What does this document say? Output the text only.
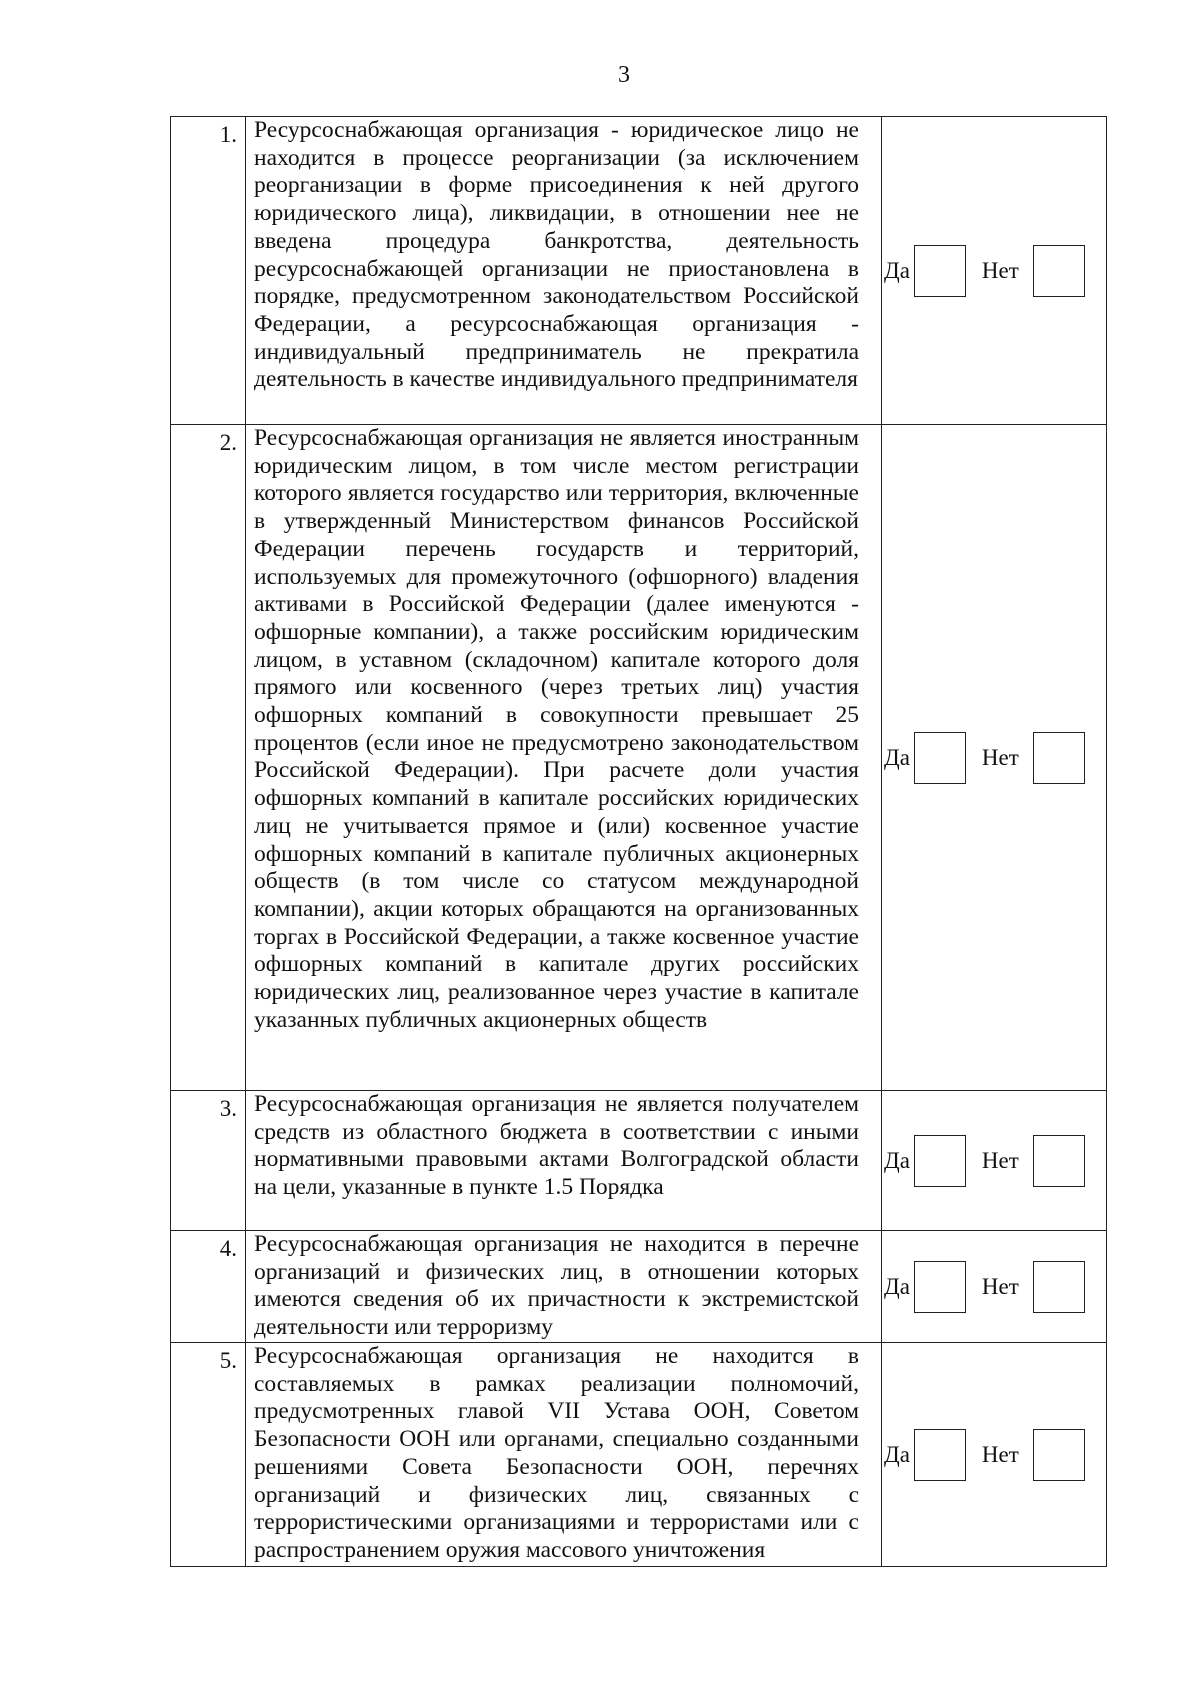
3
1.	Ресурсоснабжающая организация - юридическое лицо не находится в процессе реорганизации (за исключением реорганизации в форме присоединения к ней другого юридического лица), ликвидации, в отношении нее не введена процедура банкротства, деятельность ресурсоснабжающей организации не приостановлена в порядке, предусмотренном законодательством Российской Федерации, а ресурсоснабжающая организация - индивидуальный предприниматель не прекратила деятельность в качестве индивидуального предпринимателя	Да Нет

2.	Ресурсоснабжающая организация не является иностранным юридическим лицом, в том числе местом регистрации которого является государство или территория, включенные в утвержденный Министерством финансов Российской Федерации перечень государств и территорий, используемых для промежуточного (офшорного) владения активами в Российской Федерации (далее именуются - офшорные компании), а также российским юридическим лицом, в уставном (складочном) капитале которого доля прямого или косвенного (через третьих лиц) участия офшорных компаний в совокупности превышает 25 процентов (если иное не предусмотрено законодательством Российской Федерации). При расчете доли участия офшорных компаний в капитале российских юридических лиц не учитывается прямое и (или) косвенное участие офшорных компаний в капитале публичных акционерных обществ (в том числе со статусом международной компании), акции которых обращаются на организованных торгах в Российской Федерации, а также косвенное участие офшорных компаний в капитале других российских юридических лиц, реализованное через участие в капитале указанных публичных акционерных обществ	Да Нет

3.	Ресурсоснабжающая организация не является получателем средств из областного бюджета в соответствии с иными нормативными правовыми актами Волгоградской области на цели, указанные в пункте 1.5 Порядка	Да Нет

4.	Ресурсоснабжающая организация не находится в перечне организаций и физических лиц, в отношении которых имеются сведения об их причастности к экстремистской деятельности или терроризму	Да Нет

5.	Ресурсоснабжающая организация не находится в составляемых в рамках реализации полномочий, предусмотренных главой VII Устава ООН, Советом Безопасности ООН или органами, специально созданными решениями Совета Безопасности ООН, перечнях организаций и физических лиц, связанных с террористическими организациями и террористами или с распространением оружия массового уничтожения	Да Нет
